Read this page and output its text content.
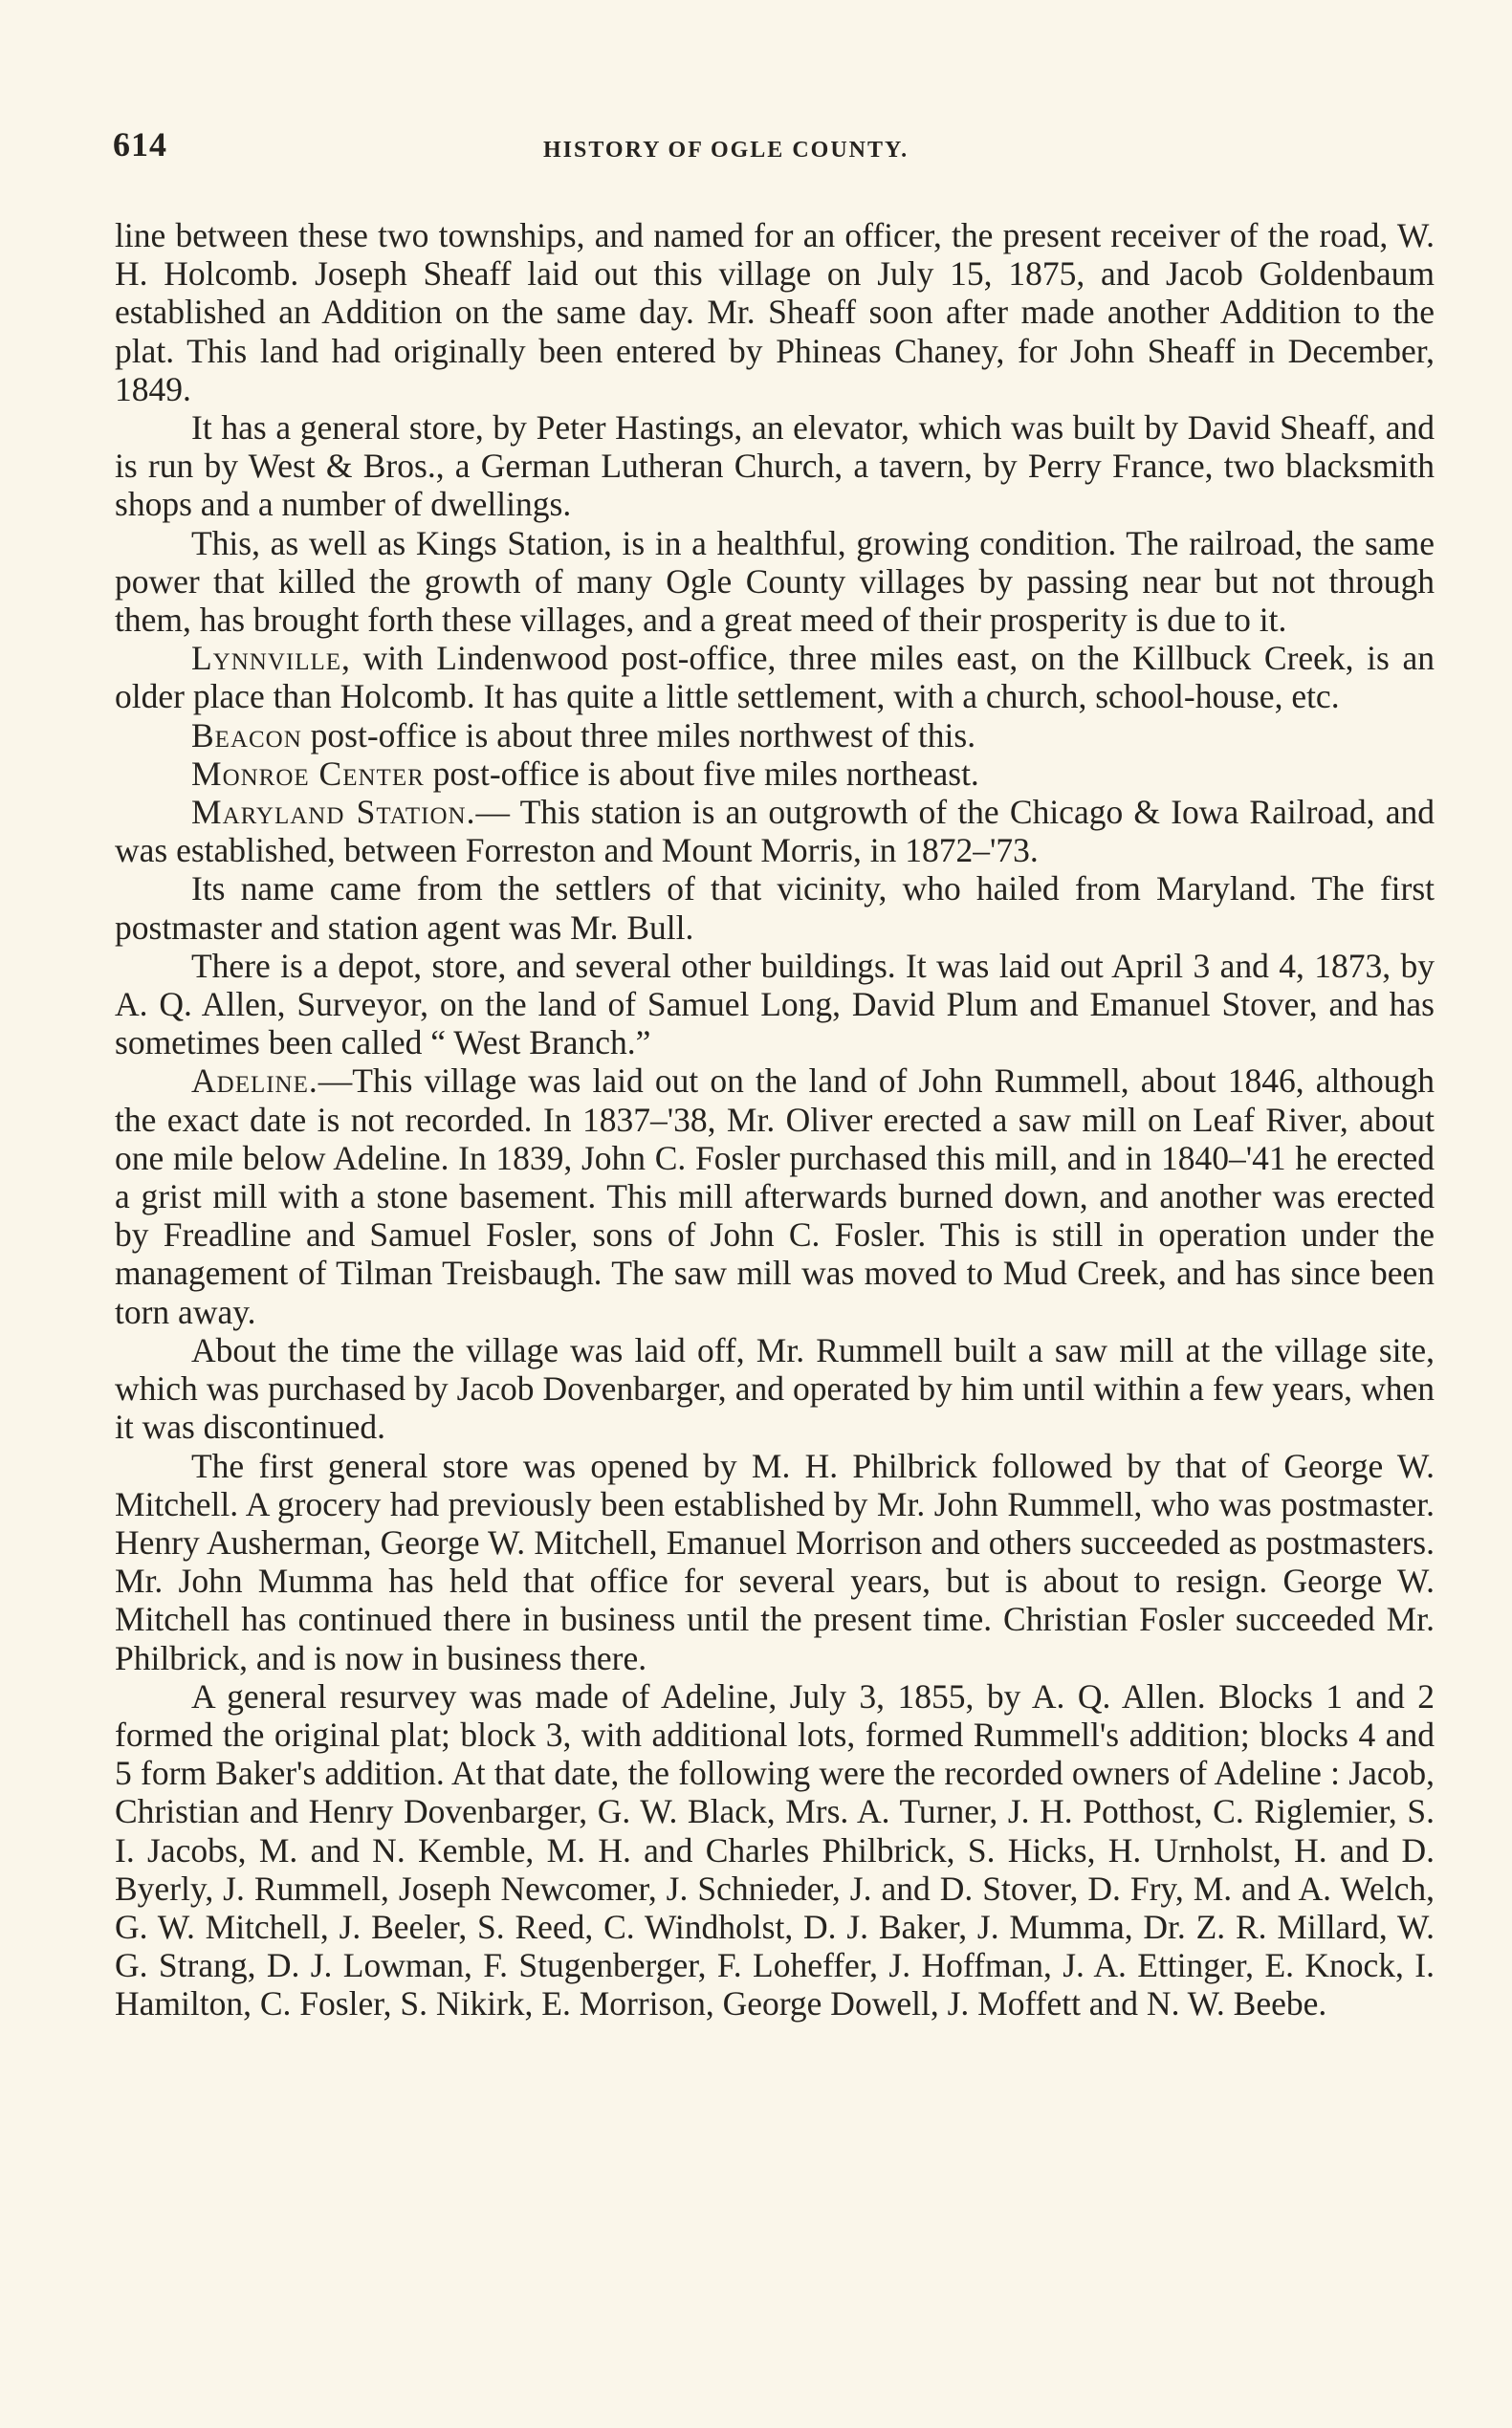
614	HISTORY OF OGLE COUNTY.

line between these two townships, and named for an officer, the present receiver of the road, W. H. Holcomb. Joseph Sheaff laid out this village on July 15, 1875, and Jacob Goldenbaum established an Addition on the same day. Mr. Sheaff soon after made another Addition to the plat. This land had originally been entered by Phineas Chaney, for John Sheaff in December, 1849.

It has a general store, by Peter Hastings, an elevator, which was built by David Sheaff, and is run by West & Bros., a German Lutheran Church, a tavern, by Perry France, two blacksmith shops and a number of dwellings.

This, as well as Kings Station, is in a healthful, growing condition. The railroad, the same power that killed the growth of many Ogle County villages by passing near but not through them, has brought forth these villages, and a great meed of their prosperity is due to it.

Lynnville, with Lindenwood post-office, three miles east, on the Killbuck Creek, is an older place than Holcomb. It has quite a little settlement, with a church, school-house, etc.

Beacon post-office is about three miles northwest of this.

Monroe Center post-office is about five miles northeast.

Maryland Station.— This station is an outgrowth of the Chicago & Iowa Railroad, and was established, between Forreston and Mount Morris, in 1872–'73.

Its name came from the settlers of that vicinity, who hailed from Maryland. The first postmaster and station agent was Mr. Bull.

There is a depot, store, and several other buildings. It was laid out April 3 and 4, 1873, by A. Q. Allen, Surveyor, on the land of Samuel Long, David Plum and Emanuel Stover, and has sometimes been called “ West Branch.”

Adeline.—This village was laid out on the land of John Rummell, about 1846, although the exact date is not recorded. In 1837–'38, Mr. Oliver erected a saw mill on Leaf River, about one mile below Adeline. In 1839, John C. Fosler purchased this mill, and in 1840–'41 he erected a grist mill with a stone basement. This mill afterwards burned down, and another was erected by Freadline and Samuel Fosler, sons of John C. Fosler. This is still in operation under the management of Tilman Treisbaugh. The saw mill was moved to Mud Creek, and has since been torn away.

About the time the village was laid off, Mr. Rummell built a saw mill at the village site, which was purchased by Jacob Dovenbarger, and operated by him until within a few years, when it was discontinued.

The first general store was opened by M. H. Philbrick followed by that of George W. Mitchell. A grocery had previously been established by Mr. John Rummell, who was postmaster. Henry Ausherman, George W. Mitchell, Emanuel Morrison and others succeeded as postmasters. Mr. John Mumma has held that office for several years, but is about to resign. George W. Mitchell has continued there in business until the present time. Christian Fosler succeeded Mr. Philbrick, and is now in business there.

A general resurvey was made of Adeline, July 3, 1855, by A. Q. Allen. Blocks 1 and 2 formed the original plat; block 3, with additional lots, formed Rummell's addition; blocks 4 and 5 form Baker's addition. At that date, the following were the recorded owners of Adeline : Jacob, Christian and Henry Dovenbarger, G. W. Black, Mrs. A. Turner, J. H. Potthost, C. Riglemier, S. I. Jacobs, M. and N. Kemble, M. H. and Charles Philbrick, S. Hicks, H. Urnholst, H. and D. Byerly, J. Rummell, Joseph Newcomer, J. Schnieder, J. and D. Stover, D. Fry, M. and A. Welch, G. W. Mitchell, J. Beeler, S. Reed, C. Windholst, D. J. Baker, J. Mumma, Dr. Z. R. Millard, W. G. Strang, D. J. Lowman, F. Stugenberger, F. Loheffer, J. Hoffman, J. A. Ettinger, E. Knock, I. Hamilton, C. Fosler, S. Nikirk, E. Morrison, George Dowell, J. Moffett and N. W. Beebe.
